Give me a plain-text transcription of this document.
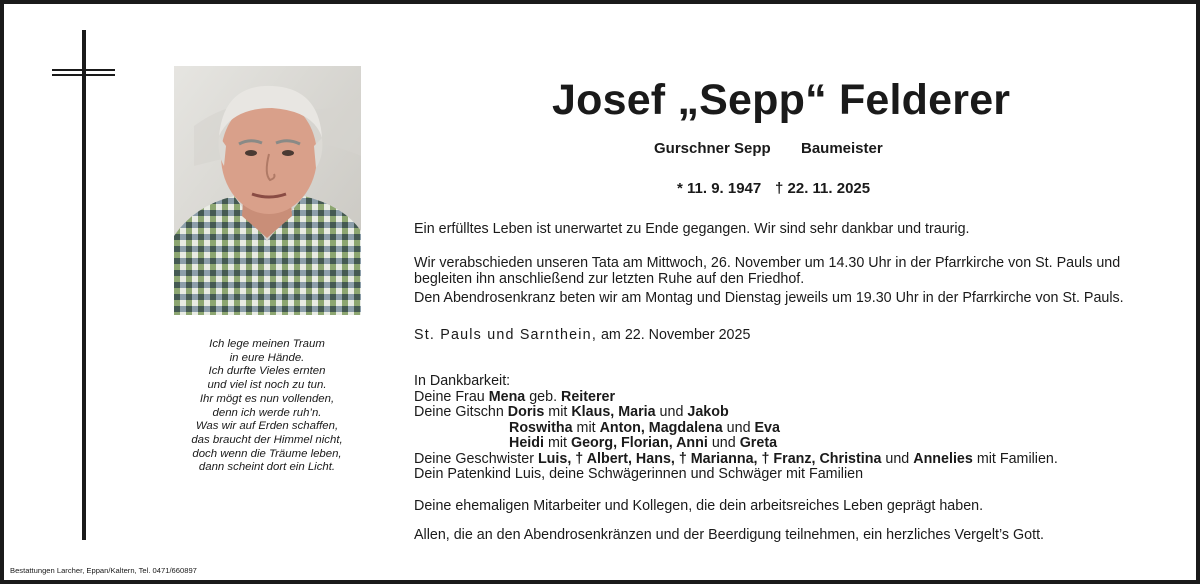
Ich lege meinen Traum
in eure Hände.
Ich durfte Vieles ernten
und viel ist noch zu tun.
Ihr mögt es nun vollenden,
denn ich werde ruh’n.
Was wir auf Erden schaffen,
das braucht der Himmel nicht,
doch wenn die Träume leben,
dann scheint dort ein Licht.
Bestattungen Larcher, Eppan/Kaltern, Tel. 0471/660897
Josef „Sepp“ Felderer
Gurschner Sepp Baumeister
* 11. 9. 1947 † 22. 11. 2025
Ein erfülltes Leben ist unerwartet zu Ende gegangen. Wir sind sehr dankbar und traurig.
Wir verabschieden unseren Tata am Mittwoch, 26. November um 14.30 Uhr in der Pfarrkirche von St. Pauls und
begleiten ihn anschließend zur letzten Ruhe auf den Friedhof.
Den Abendrosenkranz beten wir am Montag und Dienstag jeweils um 19.30 Uhr in der Pfarrkirche von St. Pauls.
St. Pauls und Sarnthein, am 22. November 2025
In Dankbarkeit:
Deine Frau Mena geb. Reiterer
Deine Gitschn Doris mit Klaus, Maria und Jakob
Roswitha mit Anton, Magdalena und Eva
Heidi mit Georg, Florian, Anni und Greta
Deine Geschwister Luis, † Albert, Hans, † Marianna, † Franz, Christina und Annelies mit Familien.
Dein Patenkind Luis, deine Schwägerinnen und Schwäger mit Familien
Deine ehemaligen Mitarbeiter und Kollegen, die dein arbeitsreiches Leben geprägt haben.
Allen, die an den Abendrosenkränzen und der Beerdigung teilnehmen, ein herzliches Vergelt’s Gott.
